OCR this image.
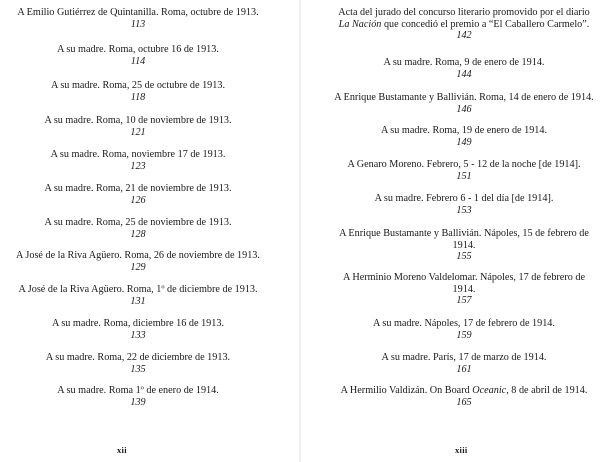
A Emilio Gutiérrez de Quintanilla. Roma, octubre de 1913.
113
A su madre. Roma, octubre 16 de 1913.
114
A su madre. Roma, 25 de octubre de 1913.
118
A su madre. Roma, 10 de noviembre de 1913.
121
A su madre. Roma, noviembre 17 de 1913.
123
A su madre. Roma, 21 de noviembre de 1913.
126
A su madre. Roma, 25 de noviembre de 1913.
128
A José de la Riva Agüero. Roma, 26 de noviembre de 1913.
129
A José de la Riva Agüero. Roma, 1º de diciembre de 1913.
131
A su madre. Roma, diciembre 16 de 1913.
133
A su madre. Roma, 22 de diciembre de 1913.
135
A su madre. Roma 1º de enero de 1914.
139
xii
Acta del jurado del concurso literario promovido por el diario
La Nación que concedió el premio a “El Caballero Carmelo”.
142
A su madre. Roma, 9 de enero de 1914.
144
A Enrique Bustamante y Ballivián. Roma, 14 de enero de 1914.
146
A su madre. Roma, 19 de enero de 1914.
149
A Genaro Moreno. Febrero, 5 - 12 de la noche [de 1914].
151
A su madre. Febrero 6 - 1 del día [de 1914].
153
A Enrique Bustamante y Ballivián. Nápoles, 15 de febrero de
1914.
155
A Herminio Moreno Valdelomar. Nápoles, 17 de febrero de
1914.
157
A su madre. Nápoles, 17 de febrero de 1914.
159
A su madre. París, 17 de marzo de 1914.
161
A Hermilio Valdizán. On Board Oceanic, 8 de abril de 1914.
165
xiii
